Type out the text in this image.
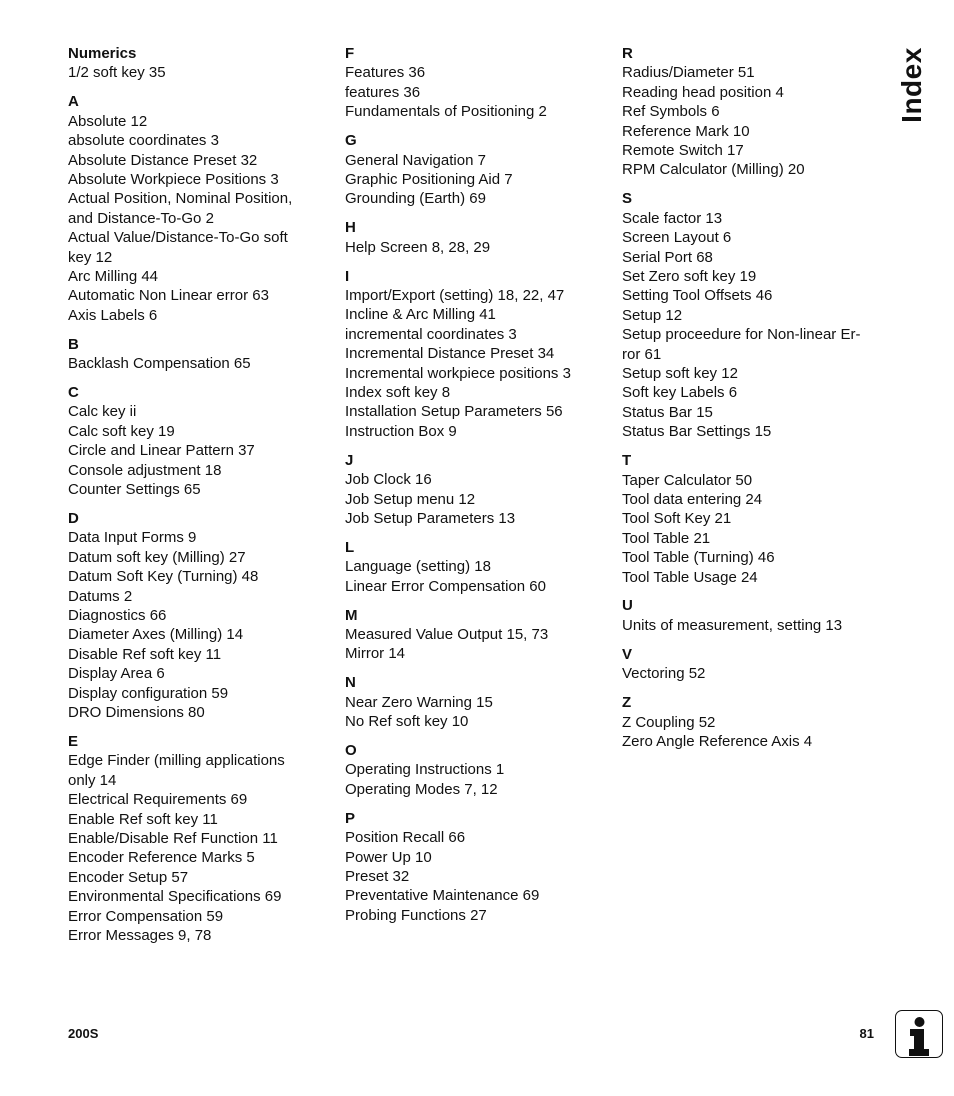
Numerics
1/2 soft key 35
A
Absolute 12
absolute coordinates 3
Absolute Distance Preset 32
Absolute Workpiece Positions 3
Actual Position, Nominal Position,
and Distance-To-Go 2
Actual Value/Distance-To-Go soft
key 12
Arc Milling 44
Automatic Non Linear error 63
Axis Labels 6
B
Backlash Compensation 65
C
Calc key ii
Calc soft key 19
Circle and Linear Pattern 37
Console adjustment 18
Counter Settings 65
D
Data Input Forms 9
Datum soft key (Milling) 27
Datum Soft Key (Turning) 48
Datums 2
Diagnostics 66
Diameter Axes (Milling) 14
Disable Ref soft key 11
Display Area 6
Display configuration 59
DRO Dimensions 80
E
Edge Finder (milling applications
only 14
Electrical Requirements 69
Enable Ref soft key 11
Enable/Disable Ref Function 11
Encoder Reference Marks 5
Encoder Setup 57
Environmental Specifications 69
Error Compensation 59
Error Messages 9, 78
F
Features 36
features 36
Fundamentals of Positioning 2
G
General Navigation 7
Graphic Positioning Aid 7
Grounding (Earth) 69
H
Help Screen 8, 28, 29
I
Import/Export (setting) 18, 22, 47
Incline & Arc Milling 41
incremental coordinates 3
Incremental Distance Preset 34
Incremental workpiece positions 3
Index soft key 8
Installation Setup Parameters 56
Instruction Box 9
J
Job Clock 16
Job Setup menu 12
Job Setup Parameters 13
L
Language (setting) 18
Linear Error Compensation 60
M
Measured Value Output 15, 73
Mirror 14
N
Near Zero Warning 15
No Ref soft key 10
O
Operating Instructions 1
Operating Modes 7, 12
P
Position Recall 66
Power Up 10
Preset 32
Preventative Maintenance 69
Probing Functions 27
R
Radius/Diameter 51
Reading head position 4
Ref Symbols 6
Reference Mark 10
Remote Switch 17
RPM Calculator (Milling) 20
S
Scale factor 13
Screen Layout 6
Serial Port 68
Set Zero soft key 19
Setting Tool Offsets 46
Setup 12
Setup proceedure for Non-linear Er-
ror 61
Setup soft key 12
Soft key Labels 6
Status Bar 15
Status Bar Settings 15
T
Taper Calculator 50
Tool data entering 24
Tool Soft Key 21
Tool Table 21
Tool Table (Turning) 46
Tool Table Usage 24
U
Units of measurement, setting 13
V
Vectoring 52
Z
Z Coupling 52
Zero Angle Reference Axis 4
Index
200S	81
